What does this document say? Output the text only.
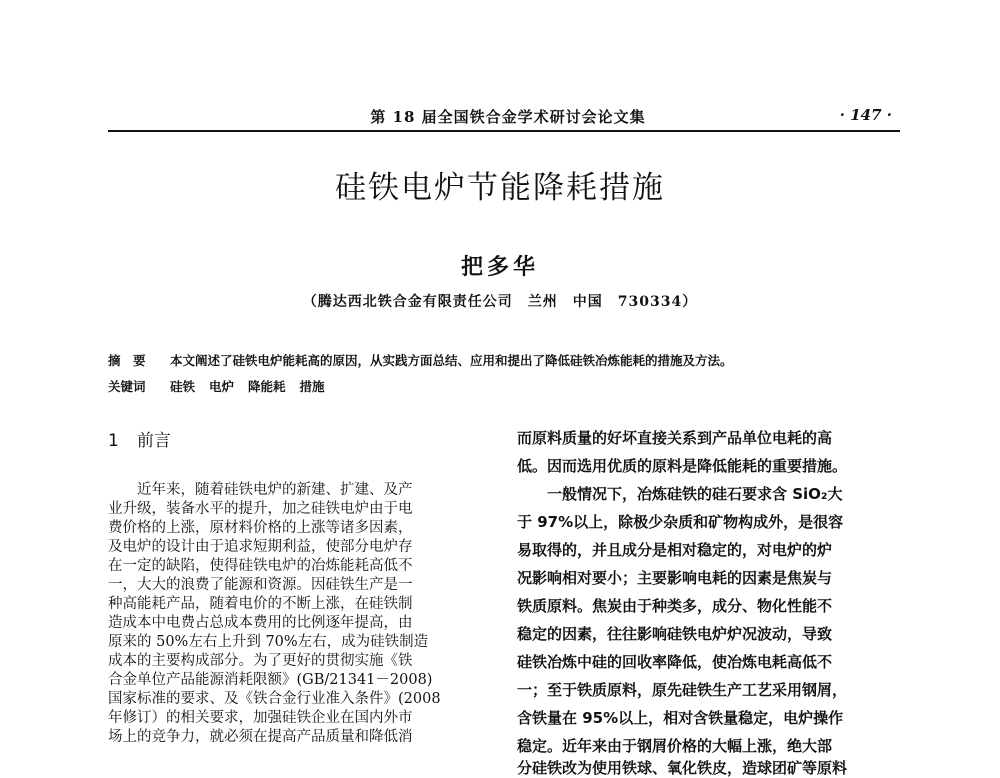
第 18 届全国铁合金学术研讨会论文集	· 147 ·
硅铁电炉节能降耗措施
把多华
（腾达西北铁合金有限责任公司　兰州　中国　730334）
摘　要 本文阐述了硅铁电炉能耗高的原因，从实践方面总结、应用和提出了降低硅铁冶炼能耗的措施及方法。
关键词 硅铁 电炉 降能耗 措施
1 前言
　　近年来，随着硅铁电炉的新建、扩建、及产
业升级，装备水平的提升，加之硅铁电炉由于电
费价格的上涨，原材料价格的上涨等诸多因素，
及电炉的设计由于追求短期利益，使部分电炉存
在一定的缺陷，使得硅铁电炉的冶炼能耗高低不
一，大大的浪费了能源和资源。因硅铁生产是一
种高能耗产品，随着电价的不断上涨，在硅铁制
造成本中电费占总成本费用的比例逐年提高，由
原来的 50%左右上升到 70%左右，成为硅铁制造
成本的主要构成部分。为了更好的贯彻实施《铁
合金单位产品能源消耗限额》(GB/21341－2008)
国家标准的要求、及《铁合金行业准入条件》(2008
年修订）的相关要求，加强硅铁企业在国内外市
场上的竞争力，就必须在提高产品质量和降低消
而原料质量的好坏直接关系到产品单位电耗的高
低。因而选用优质的原料是降低能耗的重要措施。
　　一般情况下，冶炼硅铁的硅石要求含 SiO₂大
于 97%以上，除极少杂质和矿物构成外，是很容
易取得的，并且成分是相对稳定的，对电炉的炉
况影响相对要小；主要影响电耗的因素是焦炭与
铁质原料。焦炭由于种类多，成分、物化性能不
稳定的因素，往往影响硅铁电炉炉况波动，导致
硅铁冶炼中硅的回收率降低，使冶炼电耗高低不
一；至于铁质原料，原先硅铁生产工艺采用钢屑，
含铁量在 95%以上，相对含铁量稳定，电炉操作
稳定。近年来由于钢屑价格的大幅上涨，绝大部
分硅铁改为使用铁球、氧化铁皮，造球团矿等原料
